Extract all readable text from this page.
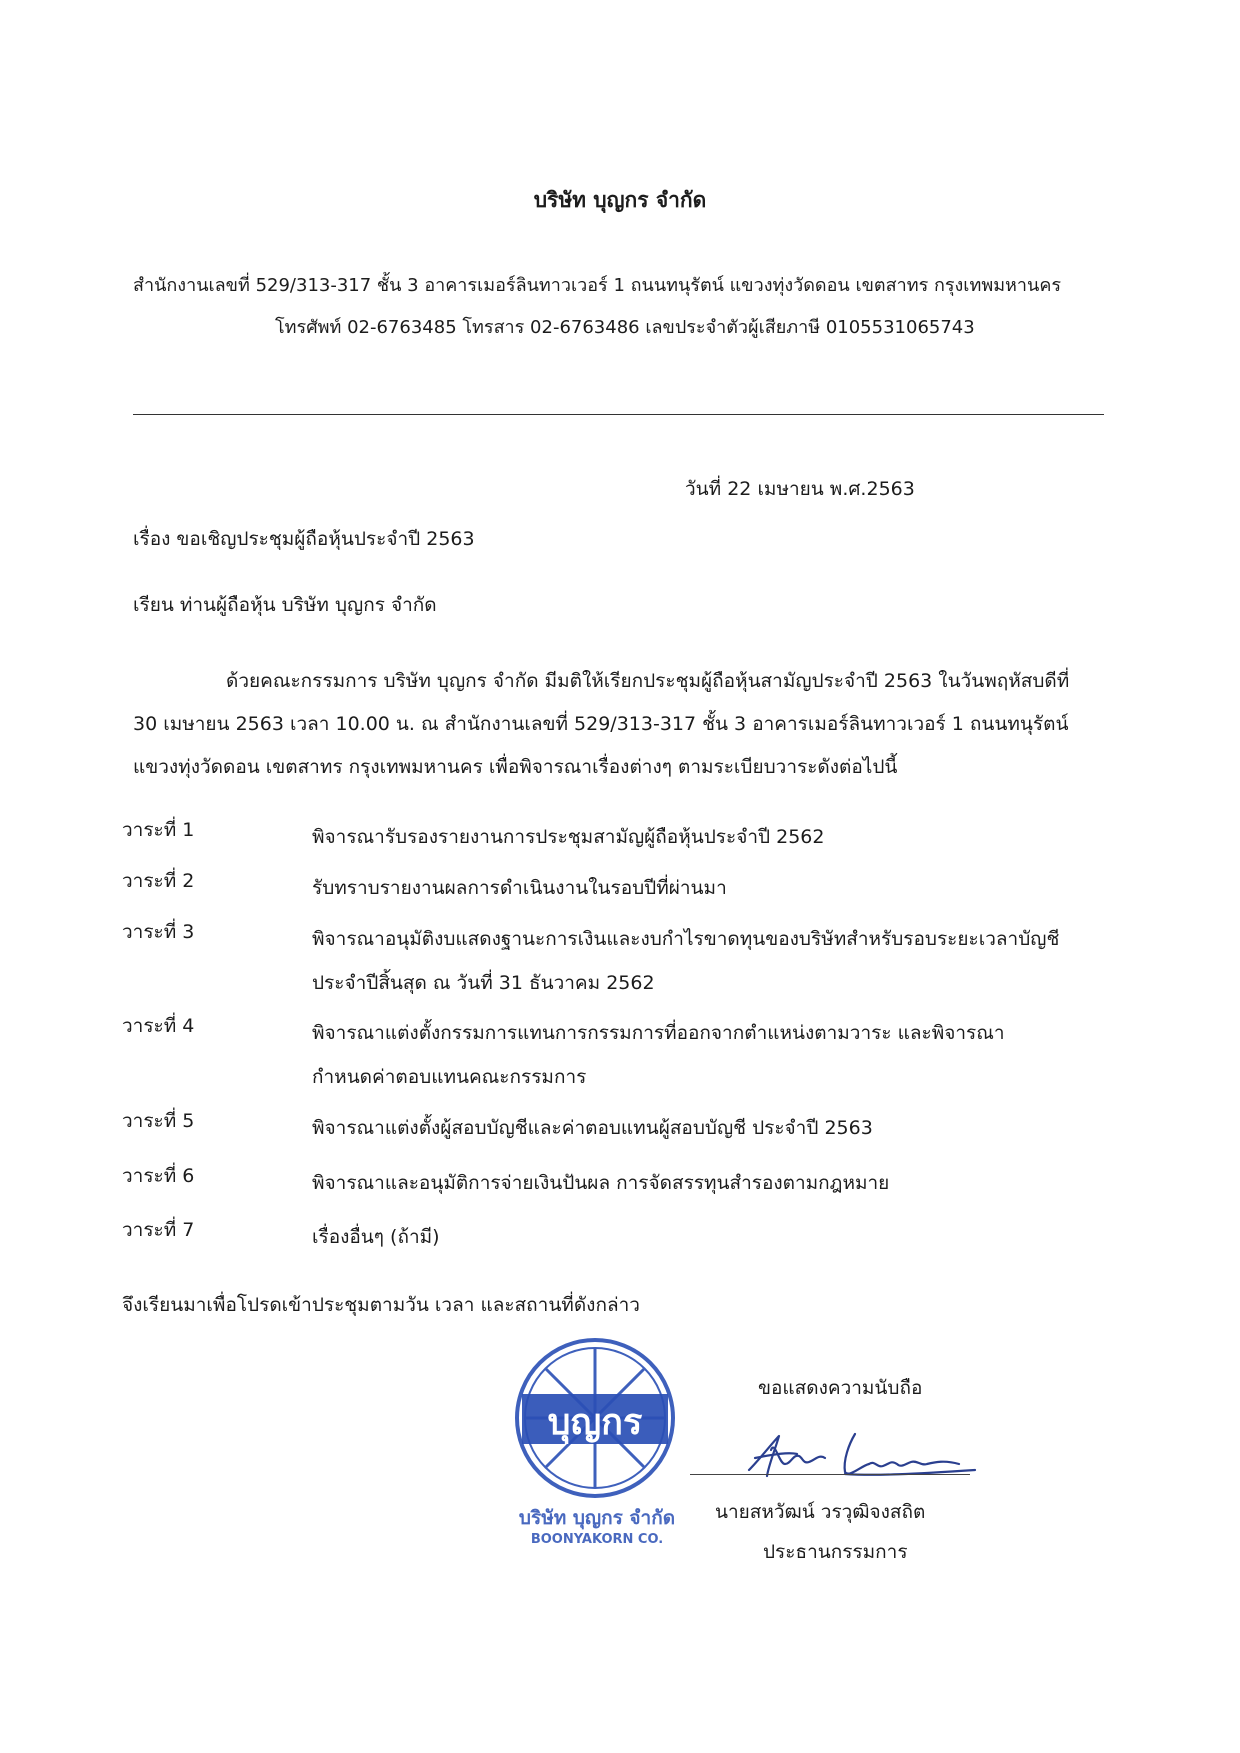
บริษัท บุญกร จำกัด
สำนักงานเลขที่ 529/313-317 ชั้น 3 อาคารเมอร์ลินทาวเวอร์ 1 ถนนทนุรัตน์ แขวงทุ่งวัดดอน เขตสาทร กรุงเทพมหานคร
โทรศัพท์ 02-6763485 โทรสาร 02-6763486 เลขประจำตัวผู้เสียภาษี 0105531065743
วันที่ 22 เมษายน พ.ศ.2563
เรื่อง ขอเชิญประชุมผู้ถือหุ้นประจำปี 2563
เรียน ท่านผู้ถือหุ้น บริษัท บุญกร จำกัด
ด้วยคณะกรรมการ บริษัท บุญกร จำกัด มีมติให้เรียกประชุมผู้ถือหุ้นสามัญประจำปี 2563 ในวันพฤหัสบดีที่
30 เมษายน 2563 เวลา 10.00 น. ณ สำนักงานเลขที่ 529/313-317 ชั้น 3 อาคารเมอร์ลินทาวเวอร์ 1 ถนนทนุรัตน์
แขวงทุ่งวัดดอน เขตสาทร กรุงเทพมหานคร เพื่อพิจารณาเรื่องต่างๆ ตามระเบียบวาระดังต่อไปนี้
วาระที่ 1	พิจารณารับรองรายงานการประชุมสามัญผู้ถือหุ้นประจำปี 2562
วาระที่ 2	รับทราบรายงานผลการดำเนินงานในรอบปีที่ผ่านมา
วาระที่ 3	พิจารณาอนุมัติงบแสดงฐานะการเงินและงบกำไรขาดทุนของบริษัทสำหรับรอบระยะเวลาบัญชี
ประจำปีสิ้นสุด ณ วันที่ 31 ธันวาคม 2562
วาระที่ 4	พิจารณาแต่งตั้งกรรมการแทนการกรรมการที่ออกจากตำแหน่งตามวาระ และพิจารณา
กำหนดค่าตอบแทนคณะกรรมการ
วาระที่ 5	พิจารณาแต่งตั้งผู้สอบบัญชีและค่าตอบแทนผู้สอบบัญชี ประจำปี 2563
วาระที่ 6	พิจารณาและอนุมัติการจ่ายเงินปันผล การจัดสรรทุนสำรองตามกฎหมาย
วาระที่ 7	เรื่องอื่นๆ (ถ้ามี)
จึงเรียนมาเพื่อโปรดเข้าประชุมตามวัน เวลา และสถานที่ดังกล่าว
บุญกร
บริษัท บุญกร จำกัด
BOONYAKORN CO.
ขอแสดงความนับถือ
นายสหวัฒน์ วรวุฒิจงสถิต
ประธานกรรมการ
